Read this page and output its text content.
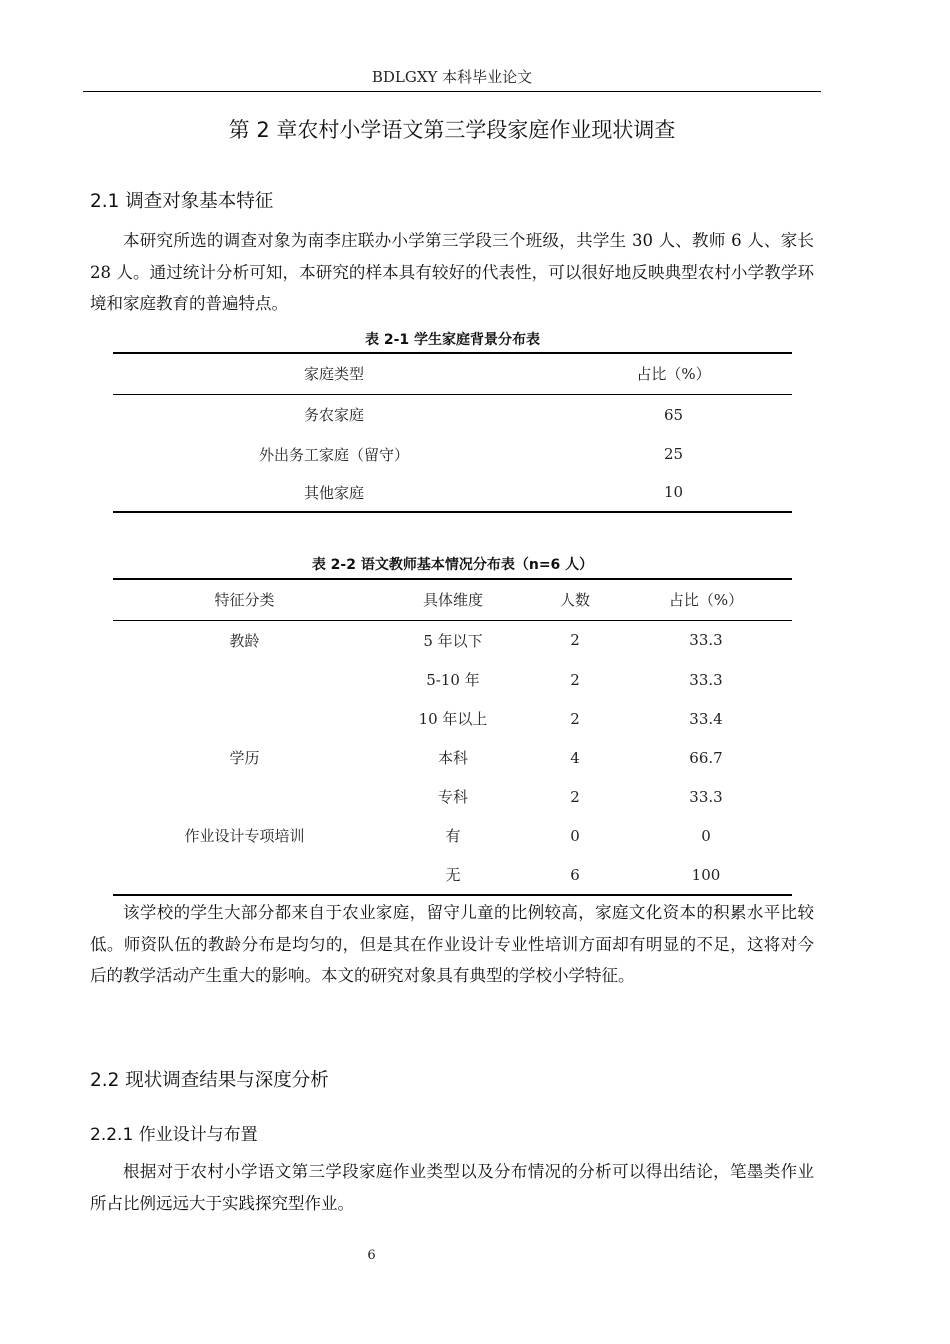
BDLGXY 本科毕业论文
第 2 章农村小学语文第三学段家庭作业现状调查
2.1 调查对象基本特征

本研究所选的调查对象为南李庄联办小学第三学段三个班级，共学生 30 人、教师 6 人、家长 28 人。通过统计分析可知，本研究的样本具有较好的代表性，可以很好地反映典型农村小学教学环境和家庭教育的普遍特点。

表 2-1 学生家庭背景分布表
家庭类型	占比（%）
务农家庭	65
外出务工家庭（留守）	25
其他家庭	10
表 2-2 语文教师基本情况分布表（n=6 人）
特征分类	具体维度	人数	占比（%）
教龄	5 年以下	2	33.3
	5-10 年	2	33.3
	10 年以上	2	33.4
学历	本科	4	66.7
	专科	2	33.3
作业设计专项培训	有	0	0
	无	6	100

该学校的学生大部分都来自于农业家庭，留守儿童的比例较高，家庭文化资本的积累水平比较低。师资队伍的教龄分布是均匀的，但是其在作业设计专业性培训方面却有明显的不足，这将对今后的教学活动产生重大的影响。本文的研究对象具有典型的学校小学特征。

2.2 现状调查结果与深度分析
2.2.1 作业设计与布置

根据对于农村小学语文第三学段家庭作业类型以及分布情况的分析可以得出结论，笔墨类作业所占比例远远大于实践探究型作业。

6
